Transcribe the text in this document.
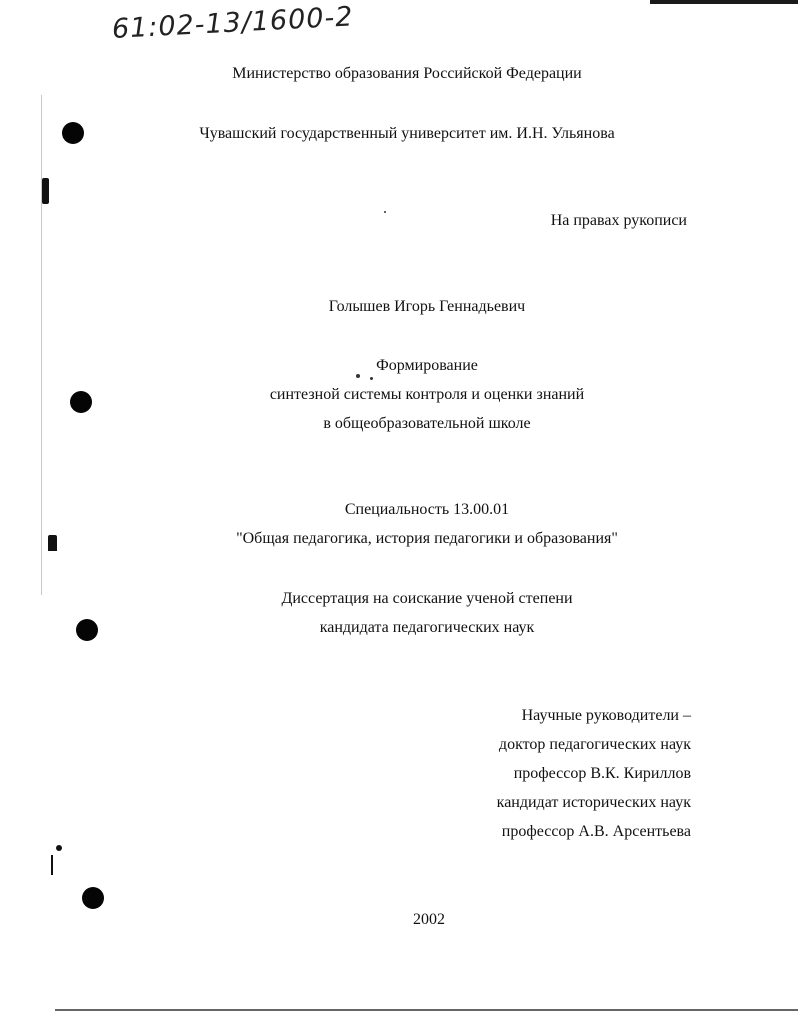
61:02-13/1600-2
Министерство образования Российской Федерации
Чувашский государственный университет им. И.Н. Ульянова
На правах рукописи
Голышев Игорь Геннадьевич
Формирование
синтезной системы контроля и оценки знаний
в общеобразовательной школе
Специальность 13.00.01
"Общая педагогика, история педагогики и образования"
Диссертация на соискание ученой степени
кандидата педагогических наук
Научные руководители –
доктор педагогических наук
профессор В.К. Кириллов
кандидат исторических наук
профессор А.В. Арсентьева
2002
